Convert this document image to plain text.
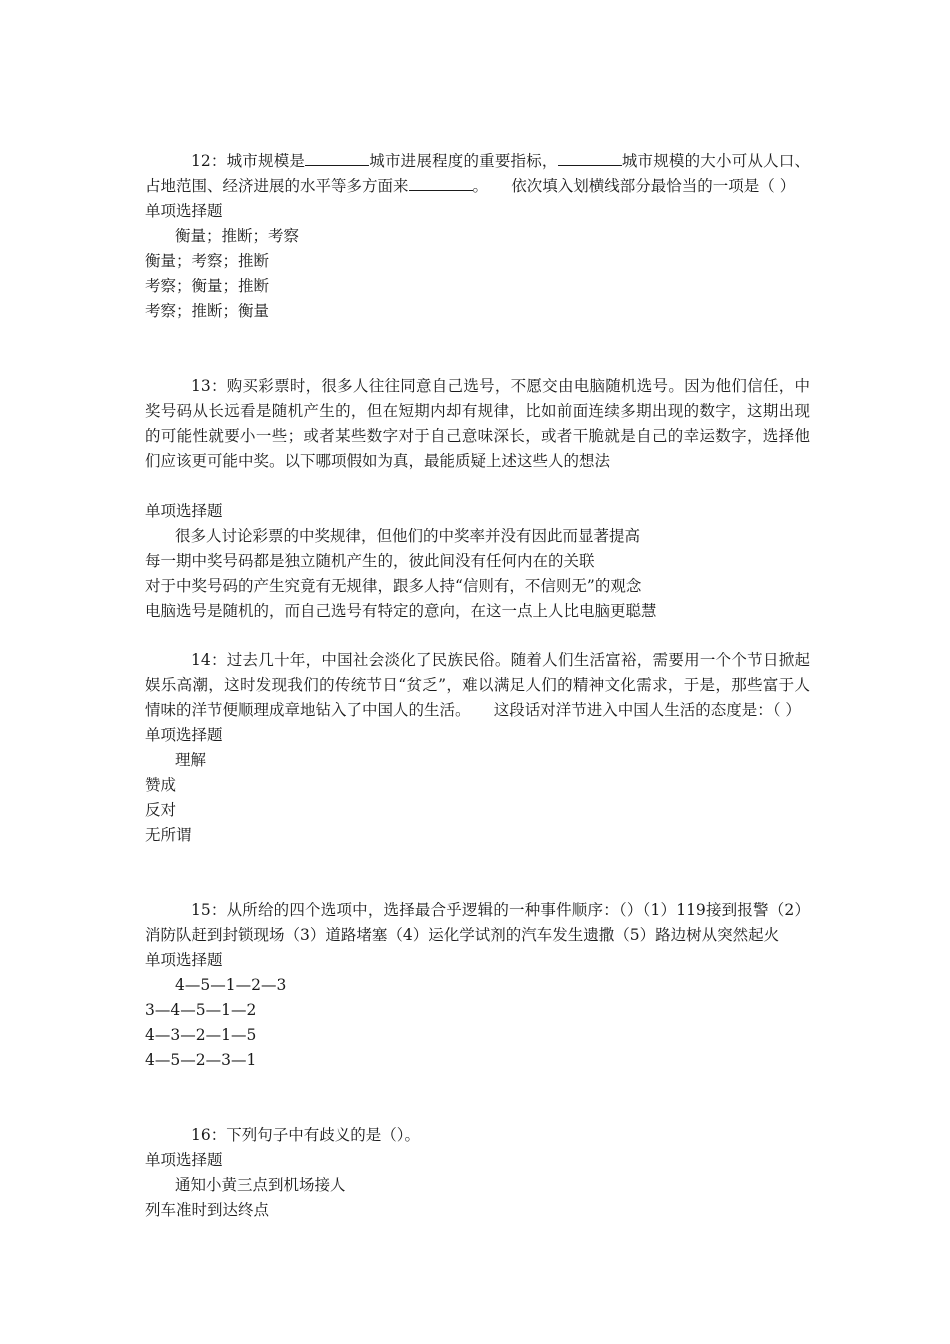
12：城市规模是	城市进展程度的重要指标，	城市规模的大小可从人口、占地范围、经济进展的水平等多方面来	。　　依次填入划横线部分最恰当的一项是（ ）

单项选择题

衡量；推断；考察

衡量；考察；推断

考察；衡量；推断

考察；推断；衡量

13：购买彩票时，很多人往往同意自己选号，不愿交由电脑随机选号。因为他们信任，中奖号码从长远看是随机产生的，但在短期内却有规律，比如前面连续多期出现的数字，这期出现的可能性就要小一些；或者某些数字对于自己意味深长，或者干脆就是自己的幸运数字，选择他们应该更可能中奖。以下哪项假如为真，最能质疑上述这些人的想法

单项选择题

很多人讨论彩票的中奖规律，但他们的中奖率并没有因此而显著提高

每一期中奖号码都是独立随机产生的，彼此间没有任何内在的关联

对于中奖号码的产生究竟有无规律，跟多人持“信则有，不信则无”的观念

电脑选号是随机的，而自己选号有特定的意向，在这一点上人比电脑更聪慧

14：过去几十年，中国社会淡化了民族民俗。随着人们生活富裕，需要用一个个节日掀起娱乐高潮，这时发现我们的传统节日“贫乏”，难以满足人们的精神文化需求，于是，那些富于人情味的洋节便顺理成章地钻入了中国人的生活。　　这段话对洋节进入中国人生活的态度是：（ ）

单项选择题

理解

赞成

反对

无所谓

15：从所给的四个选项中，选择最合乎逻辑的一种事件顺序：（）（1）119接到报警（2）消防队赶到封锁现场（3）道路堵塞（4）运化学试剂的汽车发生遗撒（5）路边树从突然起火

单项选择题

4—5—1—2—3

3—4—5—1—2

4—3—2—1—5

4—5—2—3—1

16：下列句子中有歧义的是（）。

单项选择题

通知小黄三点到机场接人

列车准时到达终点
